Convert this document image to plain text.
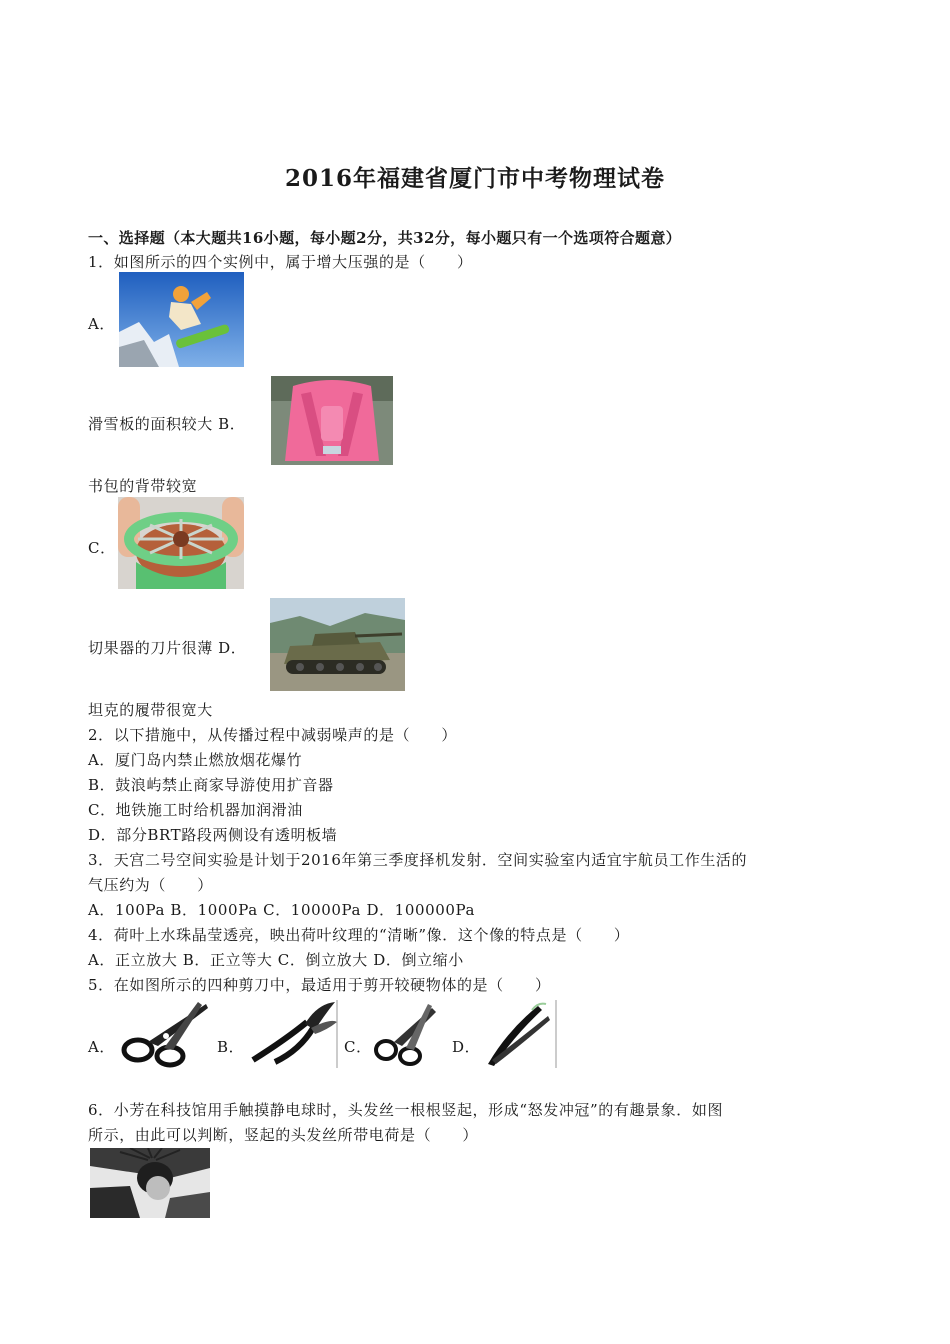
2016年福建省厦门市中考物理试卷
一、选择题（本大题共16小题，每小题2分，共32分，每小题只有一个选项符合题意）
1．如图所示的四个实例中，属于增大压强的是（　　）
A．
滑雪板的面积较大 B．
书包的背带较宽
C．
切果器的刀片很薄 D．
坦克的履带很宽大
2．以下措施中，从传播过程中减弱噪声的是（　　）
A．厦门岛内禁止燃放烟花爆竹
B．鼓浪屿禁止商家导游使用扩音器
C．地铁施工时给机器加润滑油
D．部分BRT路段两侧设有透明板墙
3．天宫二号空间实验是计划于2016年第三季度择机发射．空间实验室内适宜宇航员工作生活的
气压约为（　　）
A．100Pa B．1000Pa C．10000Pa D．100000Pa
4．荷叶上水珠晶莹透亮，映出荷叶纹理的“清晰”像．这个像的特点是（　　）
A．正立放大 B．正立等大 C．倒立放大 D．倒立缩小
5．在如图所示的四种剪刀中，最适用于剪开较硬物体的是（　　）
A．	B．	C．	D．
6．小芳在科技馆用手触摸静电球时，头发丝一根根竖起，形成“怒发冲冠”的有趣景象．如图
所示，由此可以判断，竖起的头发丝所带电荷是（　　）
